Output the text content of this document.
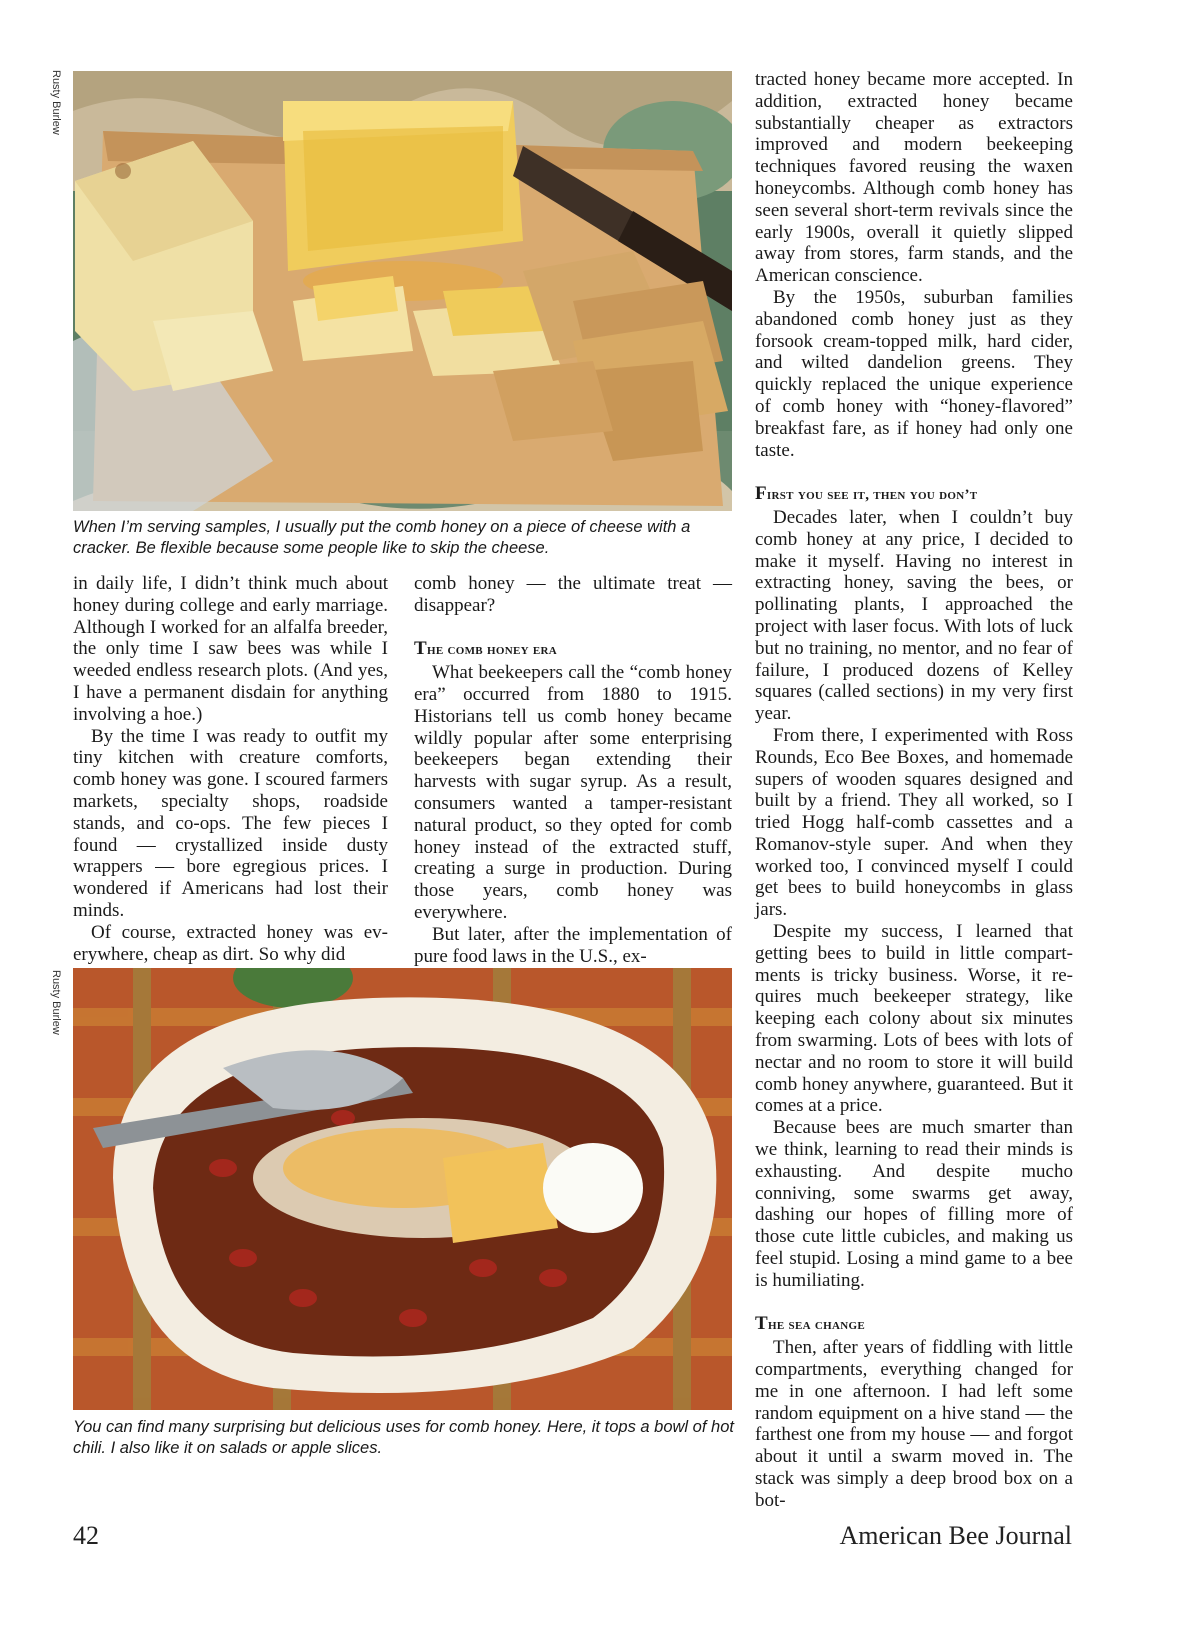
Rusty Burlew
When I’m serving samples, I usually put the comb honey on a piece of cheese with a cracker. Be flexible because some people like to skip the cheese.

in daily life, I didn’t think much about honey during college and early marriage. Although I worked for an alfalfa breeder, the only time I saw bees was while I weeded endless research plots. (And yes, I have a permanent disdain for anything involving a hoe.)

By the time I was ready to outfit my tiny kitchen with creature comforts, comb honey was gone. I scoured farmers markets, specialty shops, roadside stands, and co-ops. The few pieces I found — crystallized inside dusty wrappers — bore egregious prices. I wondered if Americans had lost their minds.

Of course, extracted honey was everywhere, cheap as dirt. So why did

comb honey — the ultimate treat — disappear?

The comb honey era

What beekeepers call the “comb honey era” occurred from 1880 to 1915. Historians tell us comb honey became wildly popular after some enterprising beekeepers began extending their harvests with sugar syrup. As a result, consumers wanted a tamper-resistant natural product, so they opted for comb honey instead of the extracted stuff, creating a surge in production. During those years, comb honey was everywhere.

But later, after the implementation of pure food laws in the U.S., ex-

Rusty Burlew
You can find many surprising but delicious uses for comb honey. Here, it tops a bowl of hot chili. I also like it on salads or apple slices.

tracted honey became more accepted. In addition, extracted honey became substantially cheaper as extractors improved and modern beekeeping techniques favored reusing the waxen honeycombs. Although comb honey has seen several short-term revivals since the early 1900s, overall it quietly slipped away from stores, farm stands, and the American conscience.

By the 1950s, suburban families abandoned comb honey just as they forsook cream-topped milk, hard cider, and wilted dandelion greens. They quickly replaced the unique experience of comb honey with “honey-flavored” breakfast fare, as if honey had only one taste.

First you see it, then you don’t

Decades later, when I couldn’t buy comb honey at any price, I decided to make it myself. Having no interest in extracting honey, saving the bees, or pollinating plants, I approached the project with laser focus. With lots of luck but no training, no mentor, and no fear of failure, I produced dozens of Kelley squares (called sections) in my very first year.

From there, I experimented with Ross Rounds, Eco Bee Boxes, and homemade supers of wooden squares designed and built by a friend. They all worked, so I tried Hogg half-comb cassettes and a Romanov-style super. And when they worked too, I convinced myself I could get bees to build honeycombs in glass jars.

Despite my success, I learned that getting bees to build in little compartments is tricky business. Worse, it requires much beekeeper strategy, like keeping each colony about six minutes from swarming. Lots of bees with lots of nectar and no room to store it will build comb honey anywhere, guaranteed. But it comes at a price.

Because bees are much smarter than we think, learning to read their minds is exhausting. And despite mucho conniving, some swarms get away, dashing our hopes of filling more of those cute little cubicles, and making us feel stupid. Losing a mind game to a bee is humiliating.

The sea change

Then, after years of fiddling with little compartments, everything changed for me in one afternoon. I had left some random equipment on a hive stand — the farthest one from my house — and forgot about it until a swarm moved in. The stack was simply a deep brood box on a bot-

42	American Bee Journal
